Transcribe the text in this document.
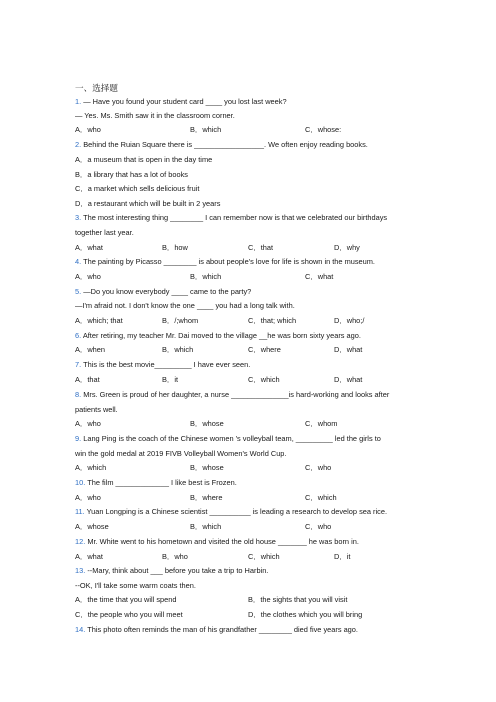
一、选择题
1. — Have you found your student card ____ you lost last week?
— Yes. Ms. Smith saw it in the classroom corner.
A．who	B．which	C．whose:
2. Behind the Ruian Square there is _________________. We often enjoy reading books.
A．a museum that is open in the day time
B．a library that has a lot of books
C．a market which sells delicious fruit
D．a restaurant which will be built in 2 years
3. The most interesting thing ________ I can remember now is that we celebrated our birthdays
together last year.
A．what	B．how	C．that	D．why
4. The painting by Picasso ________ is about people's love for life is shown in the museum.
A．who	B．which	C．what
5. —Do you know everybody ____ came to the party?
—I'm afraid not. I don't know the one ____ you had a long talk with.
A．which; that	B．/;whom	C．that; which	D．who;/
6. After retiring, my teacher Mr. Dai moved to the village __he was born sixty years ago.
A．when	B．which	C．where	D．what
7. This is the best movie_________ I have ever seen.
A．that	B．it	C．which	D．what
8. Mrs. Green is proud of her daughter, a nurse ______________is hard-working and looks after
patients well.
A．who	B．whose	C．whom
9. Lang Ping is the coach of the Chinese women 's volleyball team, _________ led the girls to
win the gold medal at 2019 FIVB Volleyball Women's World Cup.
A．which	B．whose	C．who
10. The film _____________ I like best is Frozen.
A．who	B．where	C．which
11. Yuan Longping is a Chinese scientist __________ is leading a research to develop sea rice.
A．whose	B．which	C．who
12. Mr. White went to his hometown and visited the old house _______ he was born in.
A．what	B．who	C．which	D．it
13. --Mary, think about ___ before you take a trip to Harbin.
--OK, I'll take some warm coats then.
A．the time that you will spend	B．the sights that you will visit
C．the people who you will meet	D．the clothes which you will bring
14. This photo often reminds the man of his grandfather ________ died five years ago.
